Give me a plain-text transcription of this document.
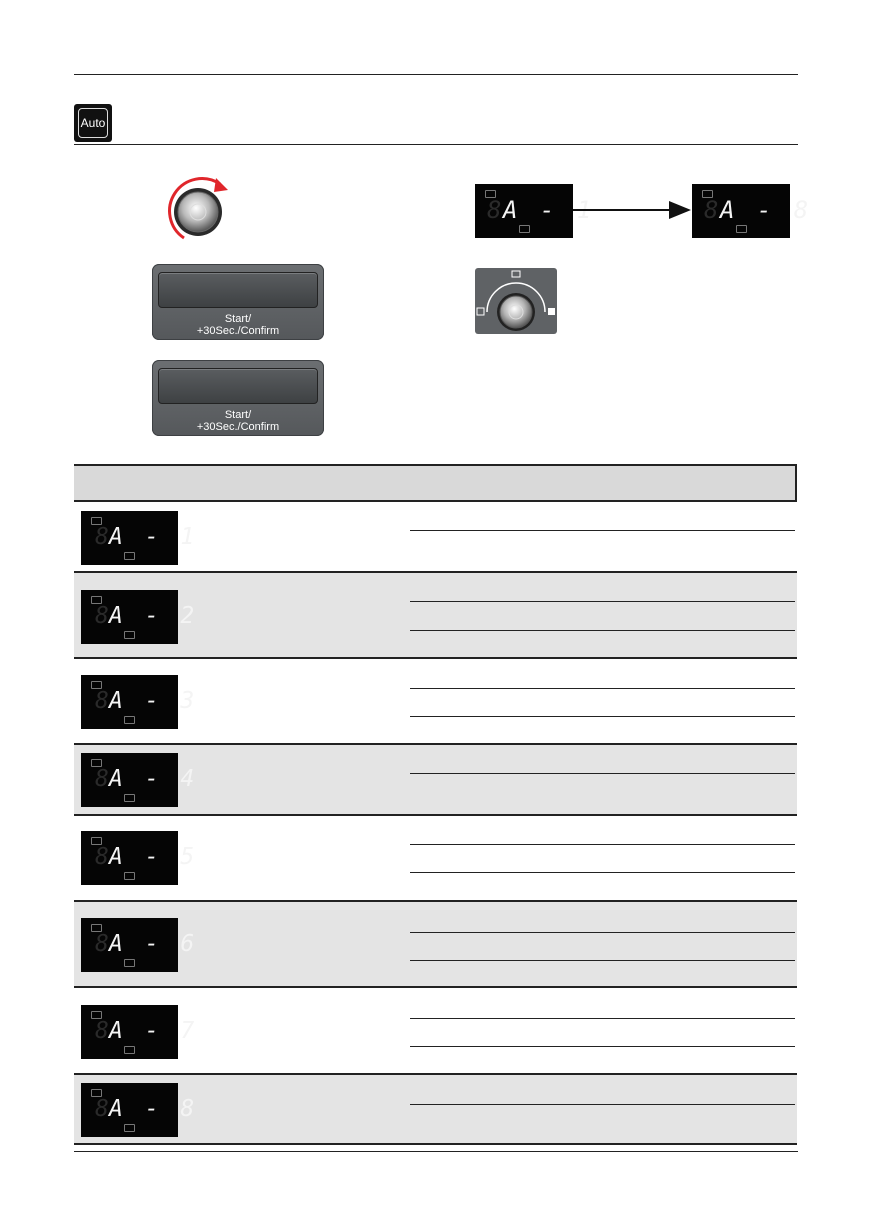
Auto
8 A - 1	8 A - 8
Start/
+30Sec./Confirm
Start/
+30Sec./Confirm
8 A - 1
8 A - 2
8 A - 3
8 A - 4
8 A - 5
8 A - 6
8 A - 7
8 A - 8
